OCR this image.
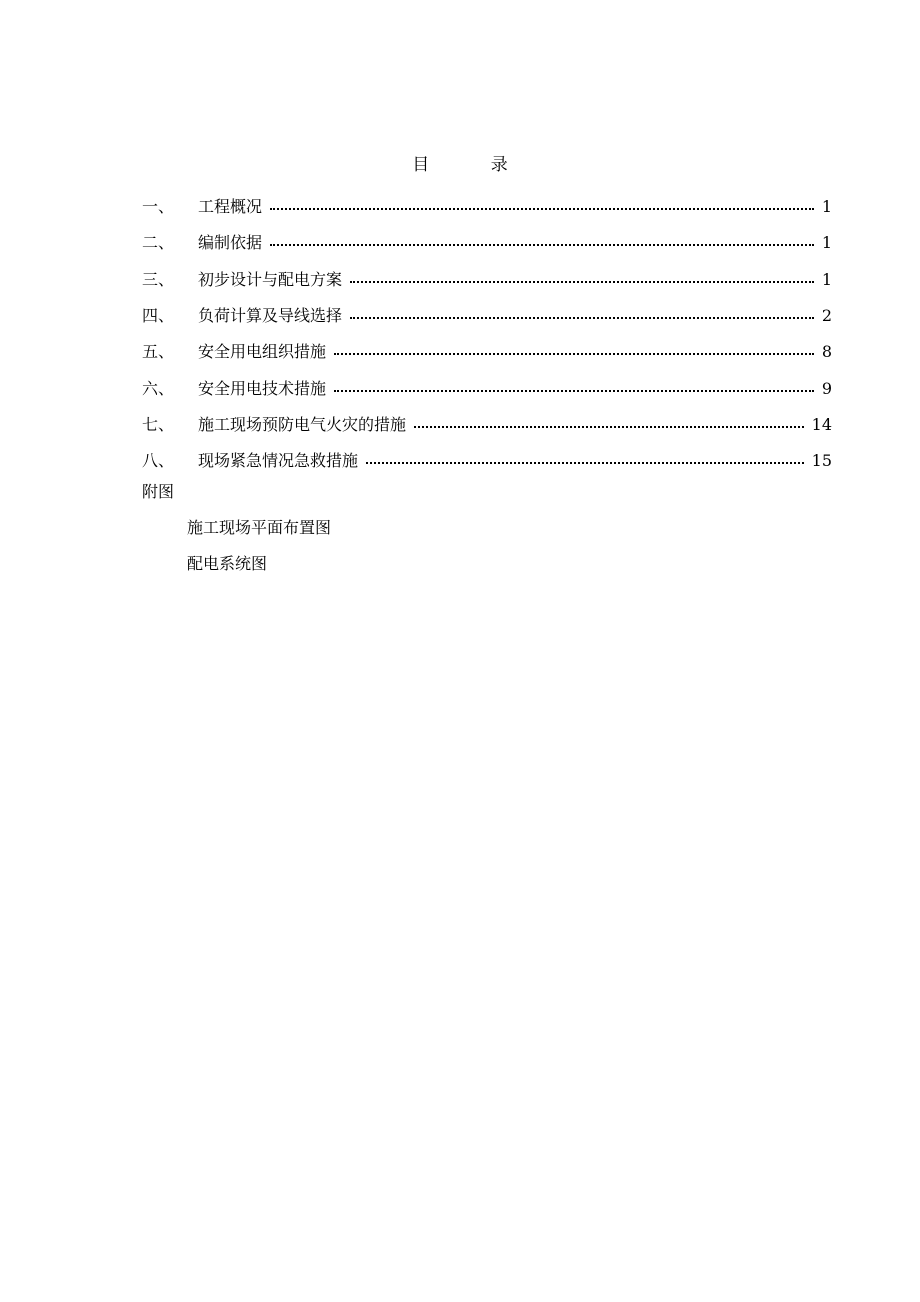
目 录
一、	工程概况	1
二、	编制依据	1
三、	初步设计与配电方案	1
四、	负荷计算及导线选择	2
五、	安全用电组织措施	8
六、	安全用电技术措施	9
七、	施工现场预防电气火灾的措施	14
八、	现场紧急情况急救措施	15
附图
施工现场平面布置图
配电系统图
